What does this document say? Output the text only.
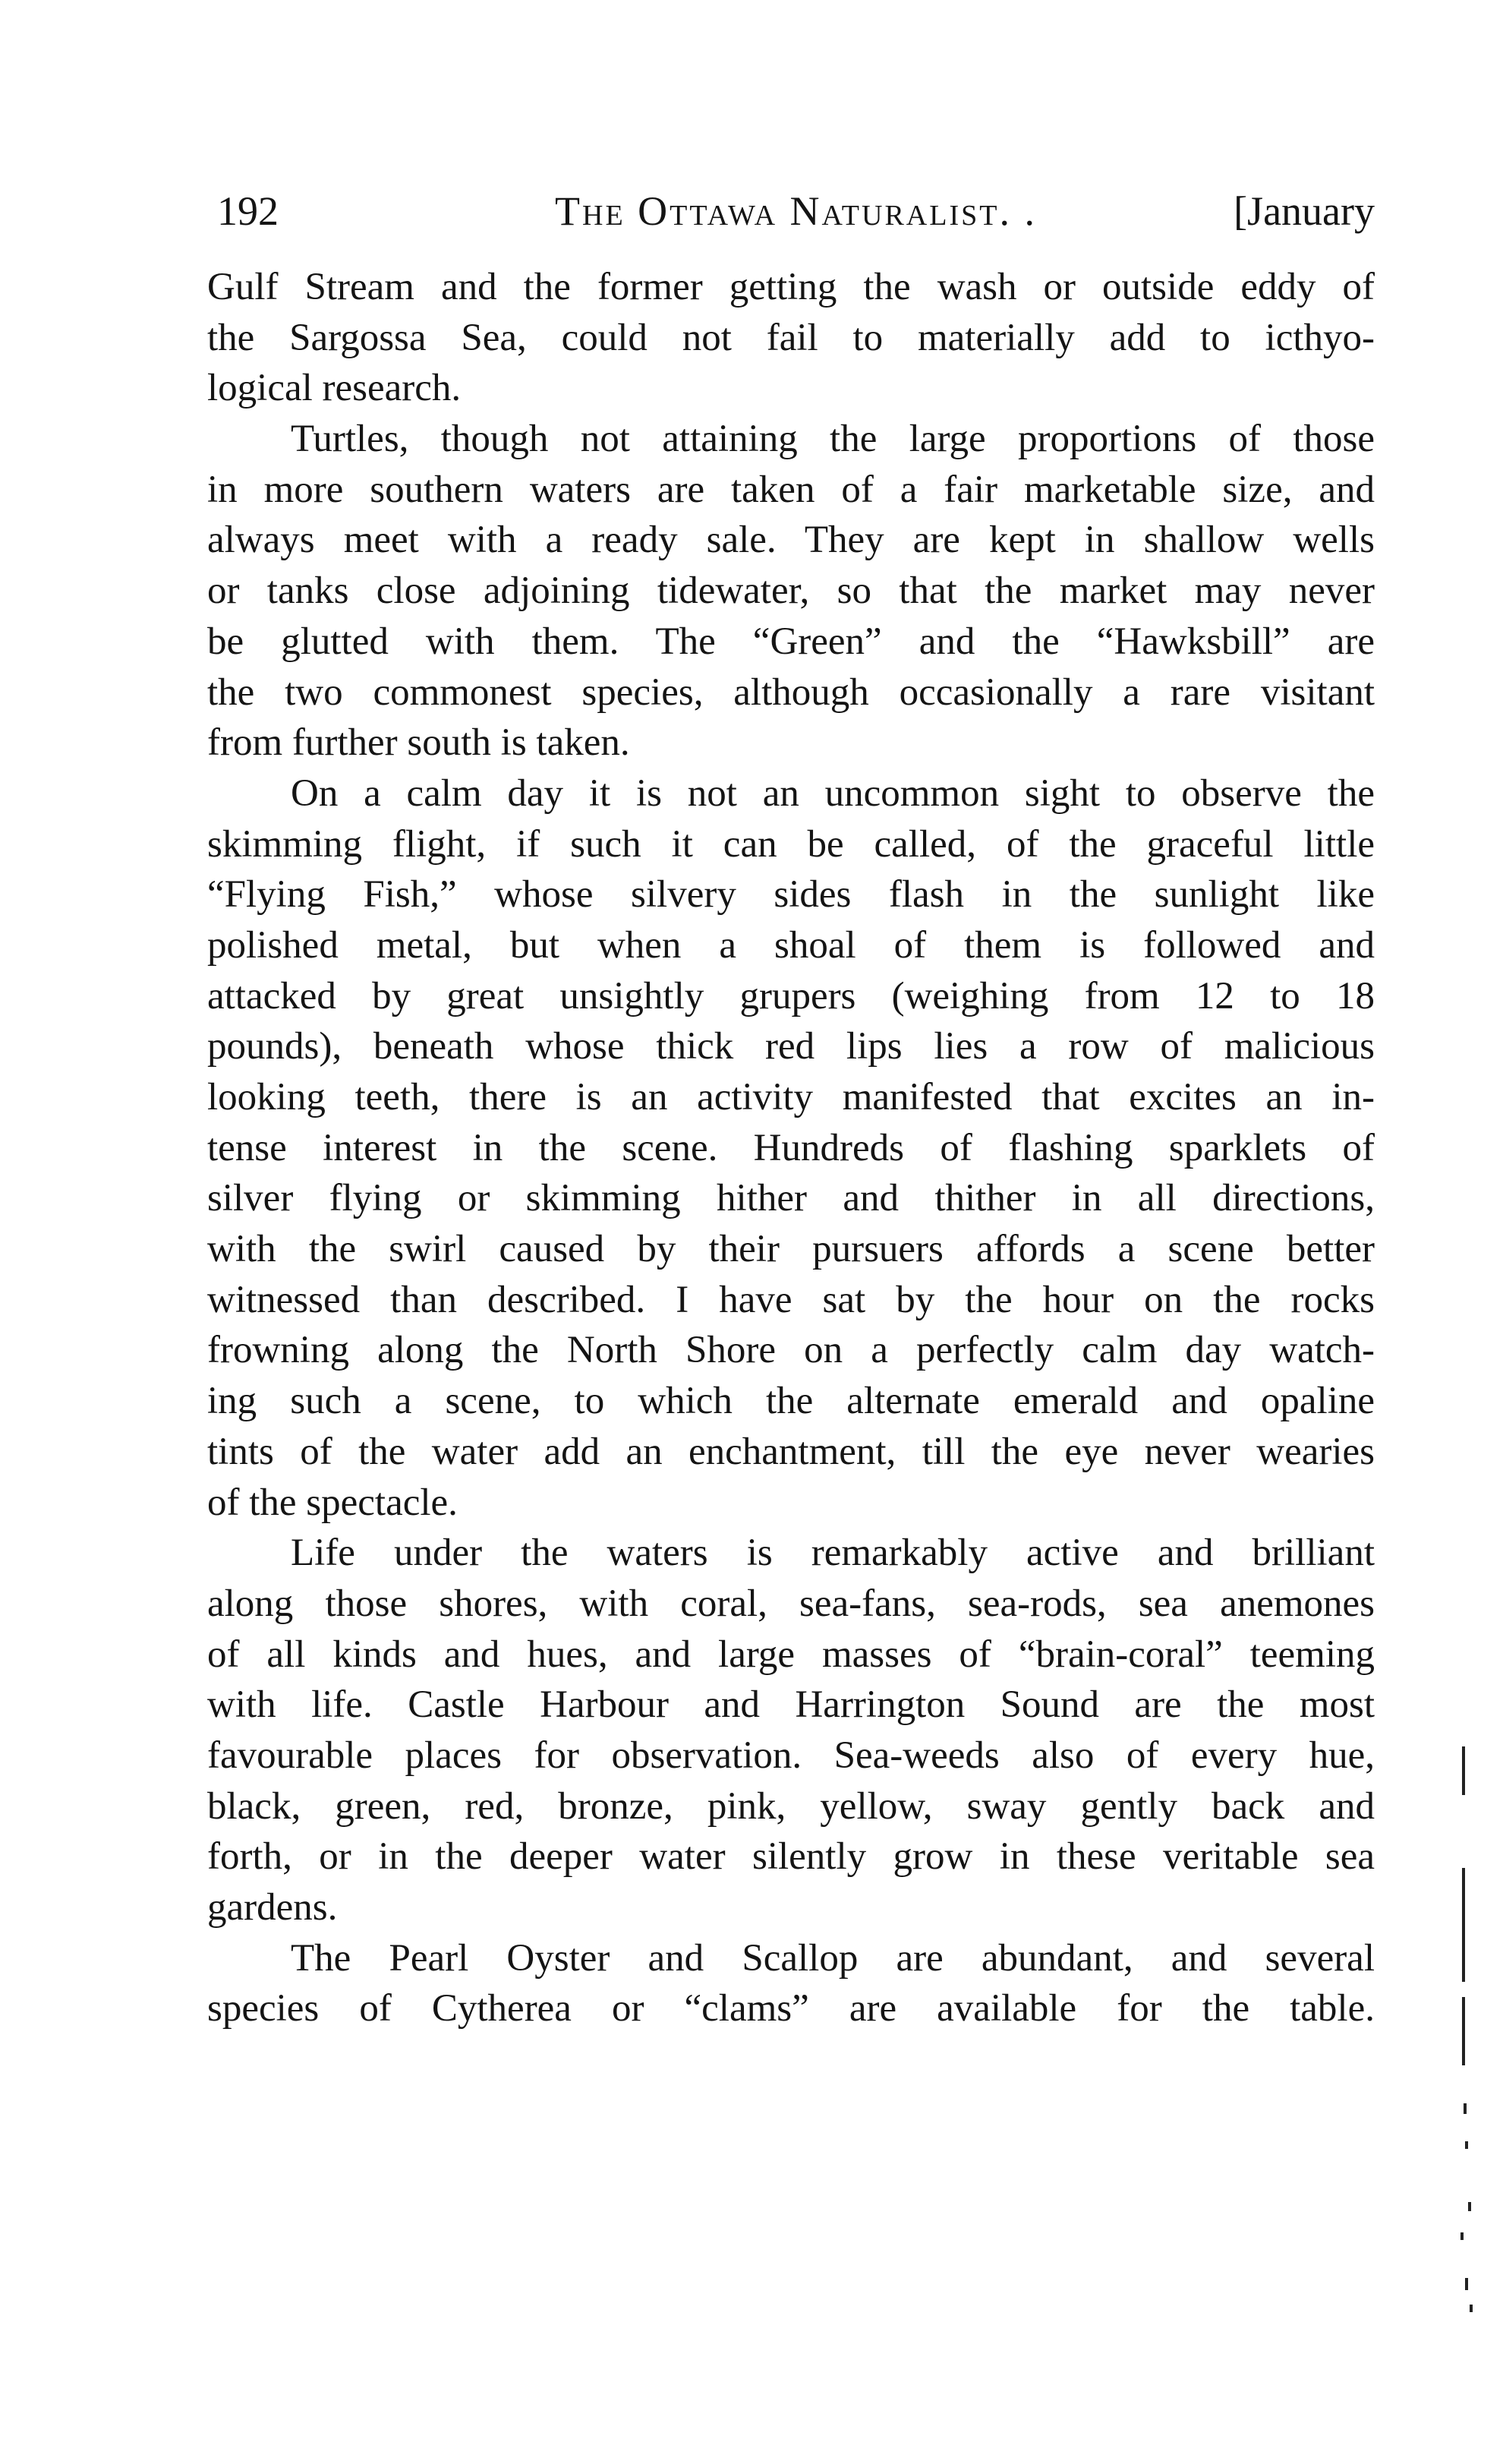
192	The Ottawa Naturalist. .	[January
Gulf Stream and the former getting the wash or outside eddy of
the Sargossa Sea, could not fail to materially add to icthyo-
logical research.
Turtles, though not attaining the large proportions of those
in more southern waters are taken of a fair marketable size, and
always meet with a ready sale. They are kept in shallow wells
or tanks close adjoining tidewater, so that the market may never
be glutted with them. The “Green” and the “Hawksbill” are
the two commonest species, although occasionally a rare visitant
from further south is taken.
On a calm day it is not an uncommon sight to observe the
skimming flight, if such it can be called, of the graceful little
“Flying Fish,” whose silvery sides flash in the sunlight like
polished metal, but when a shoal of them is followed and
attacked by great unsightly grupers (weighing from 12 to 18
pounds), beneath whose thick red lips lies a row of malicious
looking teeth, there is an activity manifested that excites an in-
tense interest in the scene. Hundreds of flashing sparklets of
silver flying or skimming hither and thither in all directions,
with the swirl caused by their pursuers affords a scene better
witnessed than described. I have sat by the hour on the rocks
frowning along the North Shore on a perfectly calm day watch-
ing such a scene, to which the alternate emerald and opaline
tints of the water add an enchantment, till the eye never wearies
of the spectacle.
Life under the waters is remarkably active and brilliant
along those shores, with coral, sea-fans, sea-rods, sea anemones
of all kinds and hues, and large masses of “brain-coral” teeming
with life. Castle Harbour and Harrington Sound are the most
favourable places for observation. Sea-weeds also of every hue,
black, green, red, bronze, pink, yellow, sway gently back and
forth, or in the deeper water silently grow in these veritable sea
gardens.
The Pearl Oyster and Scallop are abundant, and several
species of Cytherea or “clams” are available for the table.
